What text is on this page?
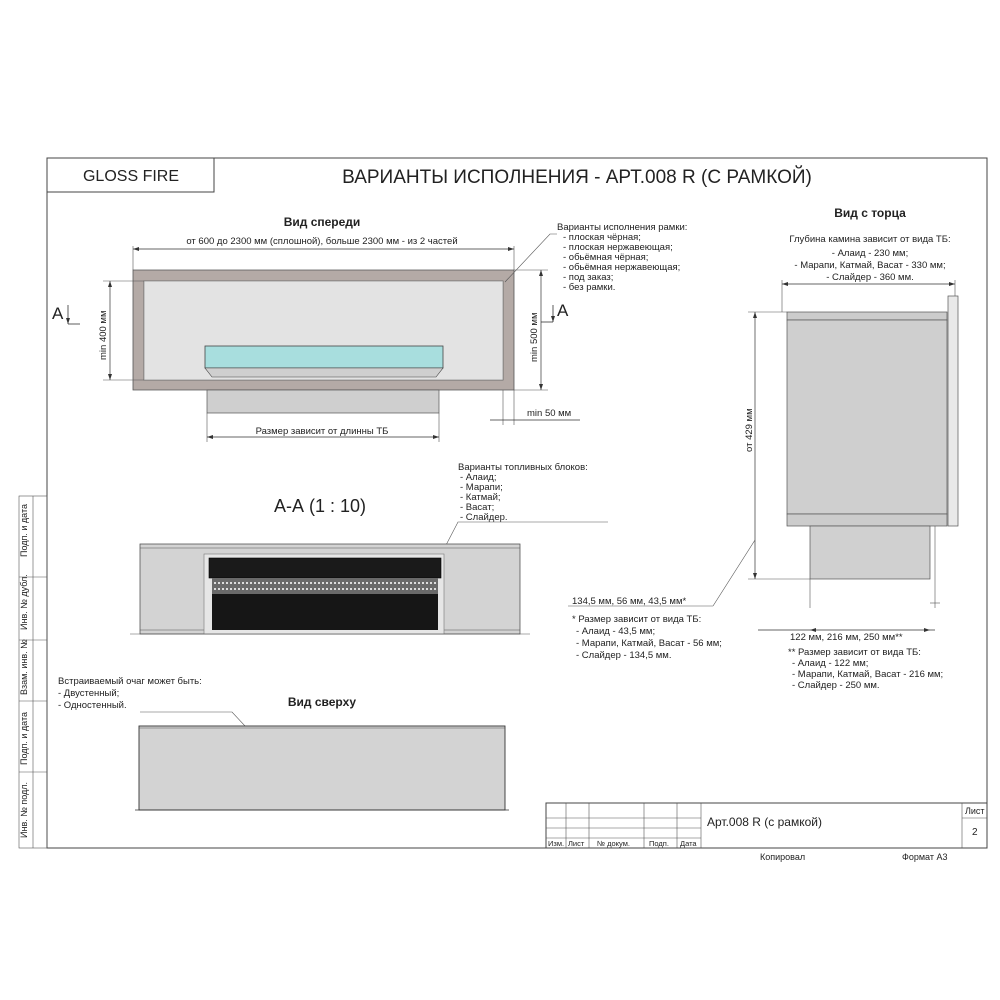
Подп. и дата
Инв. № дубл.
Взам. инв. №
Подп. и дата
Инв. № подл.
GLOSS FIRE	ВАРИАНТЫ ИСПОЛНЕНИЯ - АРТ.008 R (С РАМКОЙ)
Вид спереди
от 600 до 2300 мм (сплошной), больше 2300 мм - из 2 частей
min 400 мм	min 500 мм
A	A
min 50 мм
Размер зависит от длинны ТБ
Варианты исполнения рамки:
- плоская чёрная;
- плоская нержавеющая;
- обьёмная чёрная;
- обьёмная нержавеющая;
- под заказ;
- без рамки.
А-А (1 : 10)
Варианты топливных блоков:
- Алаид;
- Марапи;
- Катмай;
- Васат;
- Слайдер.
Вид с торца
Глубина камина зависит от вида ТБ:
- Алаид - 230 мм;
- Марапи, Катмай, Васат - 330 мм;
- Слайдер - 360 мм.
от 429 мм
134,5 мм, 56 мм, 43,5 мм*
* Размер зависит от вида ТБ:
- Алаид - 43,5 мм;
- Марапи, Катмай, Васат - 56 мм;
- Слайдер - 134,5 мм.
122 мм, 216 мм, 250 мм**
** Размер зависит от вида ТБ:
- Алаид - 122 мм;
- Марапи, Катмай, Васат - 216 мм;
- Слайдер - 250 мм.
Встраиваемый очаг может быть:
- Двустенный;
- Одностенный.	Вид сверху
Изм. Лист № докум.	Подп. Дата
Арт.008 R (с рамкой)
Лист
2
Копировал	Формат А3
